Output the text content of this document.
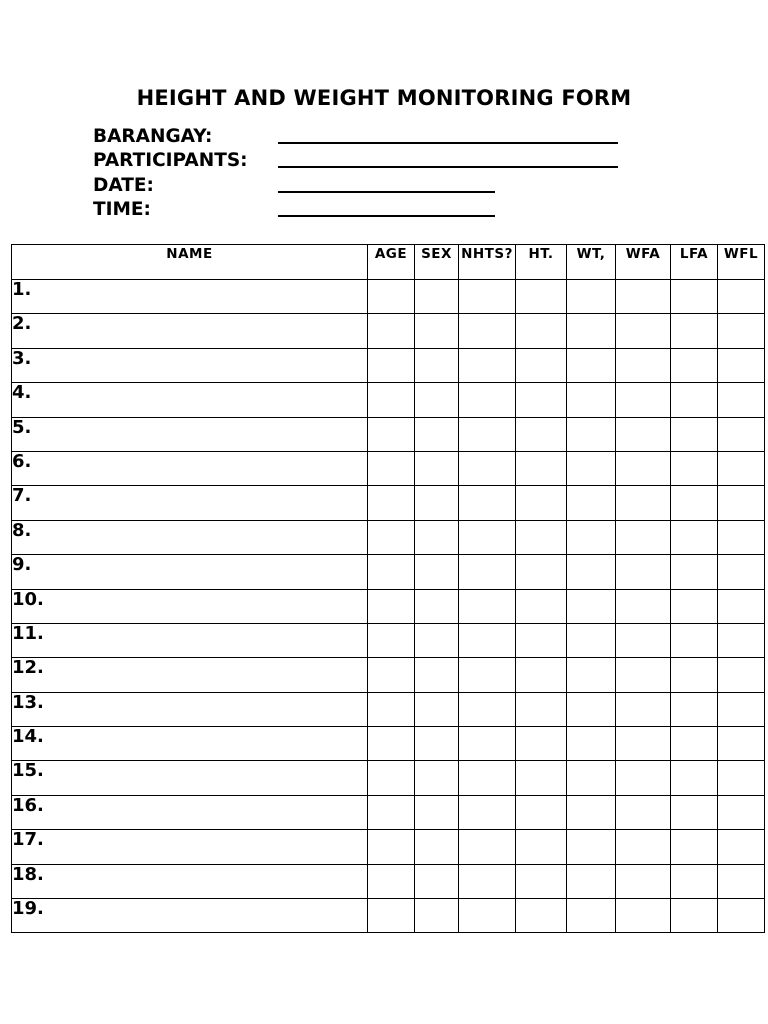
HEIGHT AND WEIGHT MONITORING FORM
BARANGAY:
PARTICIPANTS:
DATE:
TIME:
NAME	AGE	SEX	NHTS?	HT.	WT,	WFA	LFA	WFL
1.								
2.								
3.								
4.								
5.								
6.								
7.								
8.								
9.								
10.								
11.								
12.								
13.								
14.								
15.								
16.								
17.								
18.								
19.								
